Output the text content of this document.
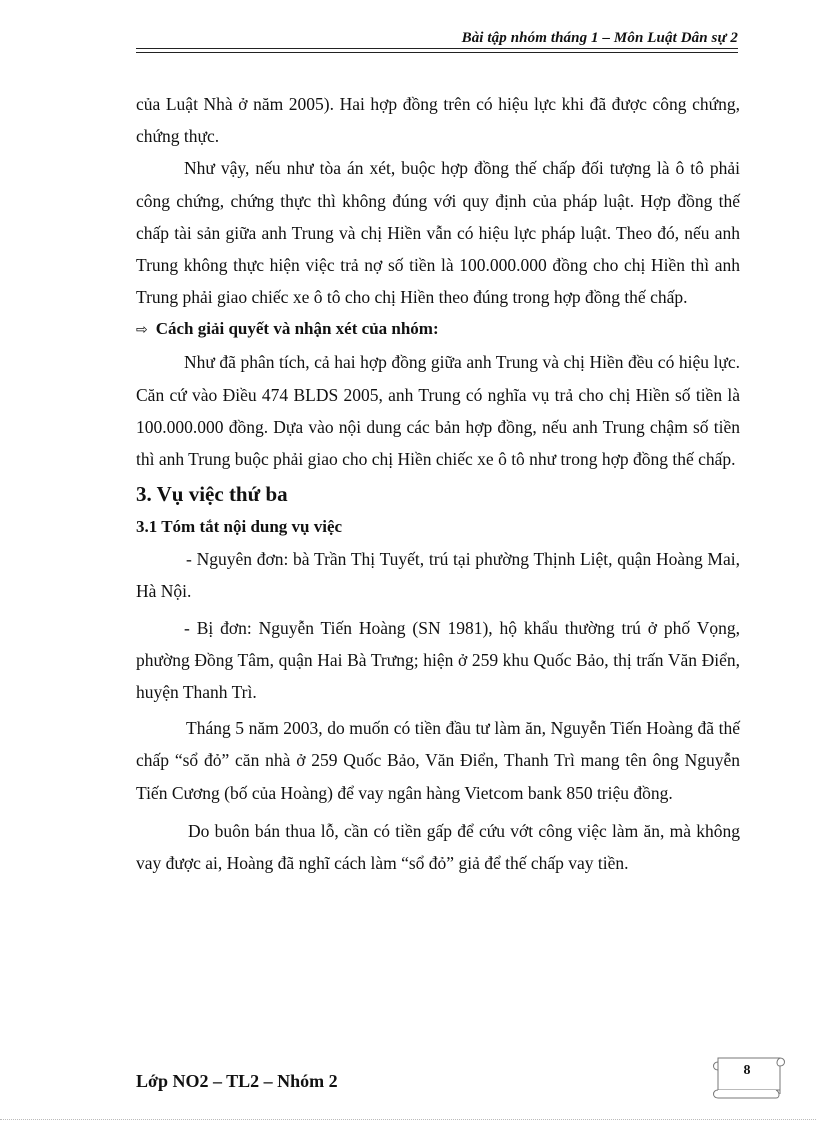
Bài tập nhóm tháng 1 – Môn Luật Dân sự 2

của Luật Nhà ở năm 2005). Hai hợp đồng trên có hiệu lực khi đã được công chứng, chứng thực.

Như vậy, nếu như tòa án xét, buộc hợp đồng thế chấp đối tượng là ô tô phải công chứng, chứng thực thì không đúng với quy định của pháp luật. Hợp đồng thế chấp tài sản giữa anh Trung và chị Hiền vẫn có hiệu lực pháp luật. Theo đó, nếu anh Trung không thực hiện việc trả nợ số tiền là 100.000.000 đồng cho chị Hiền thì anh Trung phải giao chiếc xe ô tô cho chị Hiền theo đúng trong hợp đồng thế chấp.

⇨ Cách giải quyết và nhận xét của nhóm:

Như đã phân tích, cả hai hợp đồng giữa anh Trung và chị Hiền đều có hiệu lực. Căn cứ vào Điều 474 BLDS 2005, anh Trung có nghĩa vụ trả cho chị Hiền số tiền là 100.000.000 đồng. Dựa vào nội dung các bản hợp đồng, nếu anh Trung chậm số tiền thì anh Trung buộc phải giao cho chị Hiền chiếc xe ô tô như trong hợp đồng thế chấp.

3. Vụ việc thứ ba

3.1 Tóm tắt nội dung vụ việc

- Nguyên đơn: bà Trần Thị Tuyết, trú tại phường Thịnh Liệt, quận Hoàng Mai, Hà Nội.

- Bị đơn: Nguyễn Tiến Hoàng (SN 1981), hộ khẩu thường trú ở phố Vọng, phường Đồng Tâm, quận Hai Bà Trưng; hiện ở 259 khu Quốc Bảo, thị trấn Văn Điển, huyện Thanh Trì.

Tháng 5 năm 2003, do muốn có tiền đầu tư làm ăn, Nguyễn Tiến Hoàng đã thế chấp “sổ đỏ” căn nhà ở 259 Quốc Bảo, Văn Điển, Thanh Trì mang tên ông Nguyễn Tiến Cương (bố của Hoàng) để vay ngân hàng Vietcom bank 850 triệu đồng.

Do buôn bán thua lỗ, cần có tiền gấp để cứu vớt công việc làm ăn, mà không vay được ai, Hoàng đã nghĩ cách làm “sổ đỏ” giả để thế chấp vay tiền.

Lớp NO2 – TL2 – Nhóm 2
8
